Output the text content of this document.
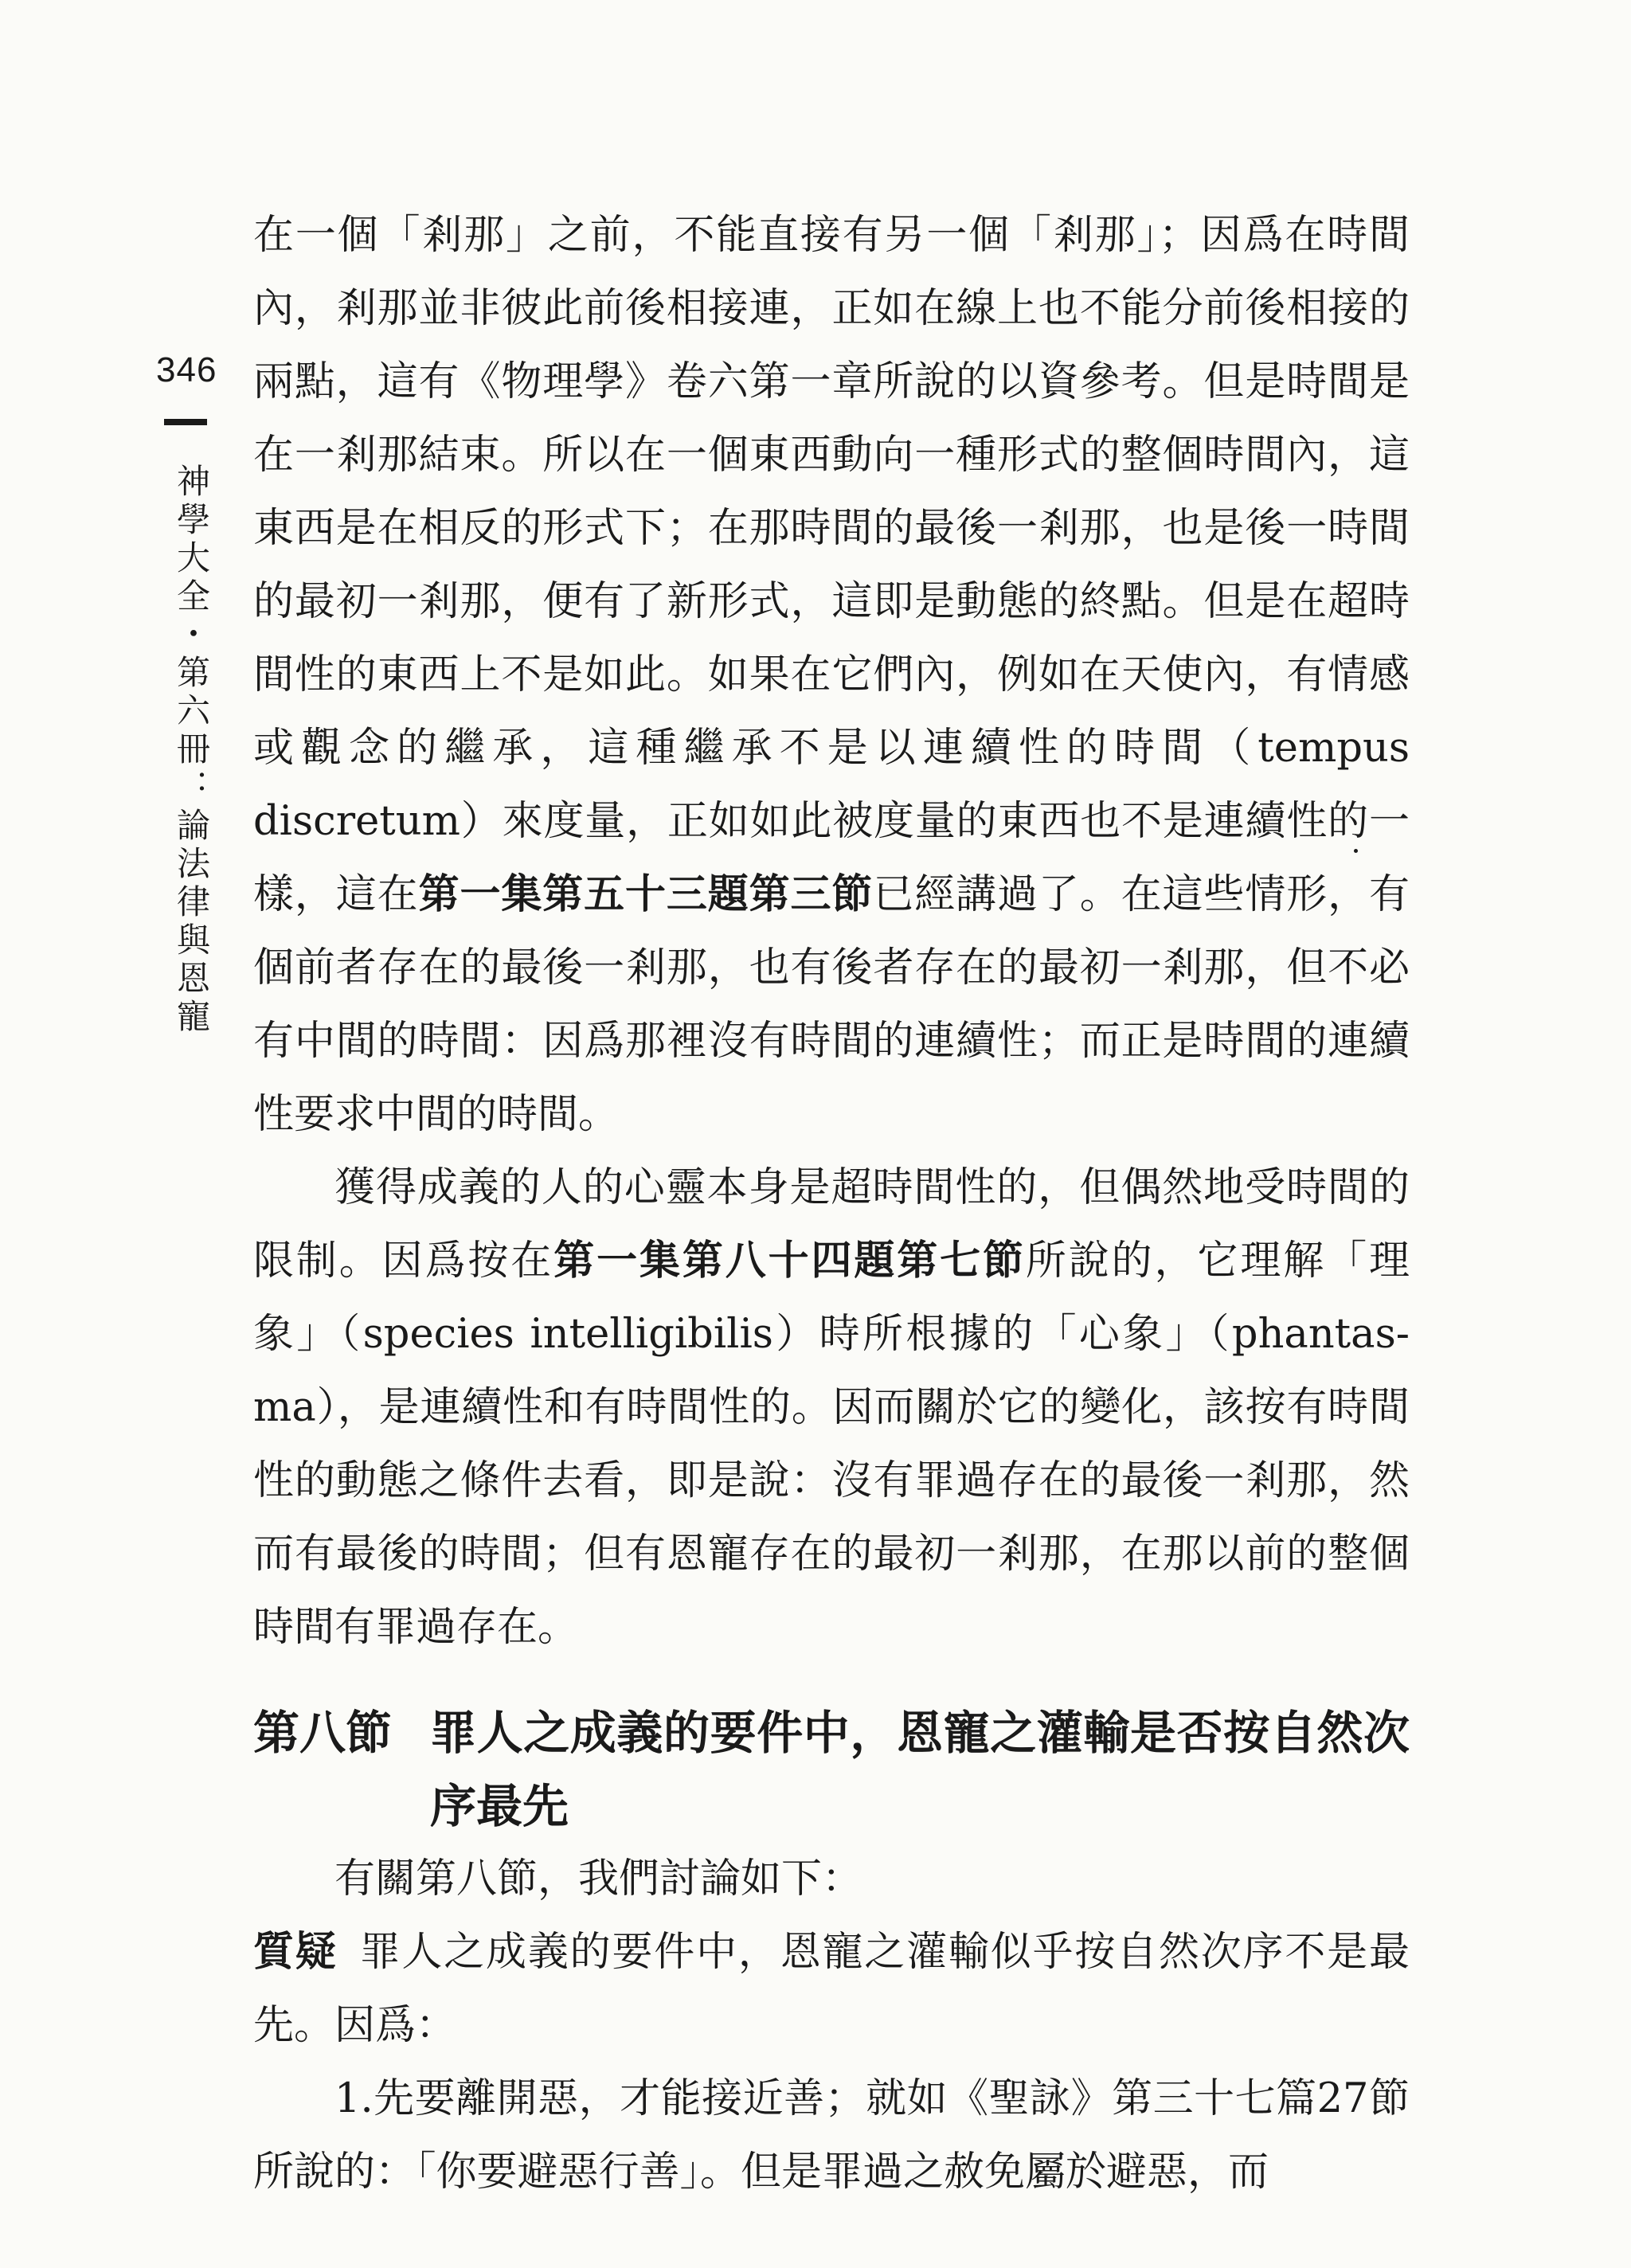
346
神學大全・第六冊：論法律與恩寵

在一個「剎那」之前，不能直接有另一個「剎那」；因爲在時間內，剎那並非彼此前後相接連，正如在線上也不能分前後相接的兩點，這有《物理學》卷六第一章所說的以資參考。但是時間是在一剎那結束。所以在一個東西動向一種形式的整個時間內，這東西是在相反的形式下；在那時間的最後一剎那，也是後一時間的最初一剎那，便有了新形式，這即是動態的終點。但是在超時間性的東西上不是如此。如果在它們內，例如在天使內，有情感或觀念的繼承，這種繼承不是以連續性的時間（tempus discretum）來度量，正如如此被度量的東西也不是連續性的一樣，這在第一集第五十三題第三節已經講過了。在這些情形，有個前者存在的最後一剎那，也有後者存在的最初一剎那，但不必有中間的時間：因爲那裡沒有時間的連續性；而正是時間的連續性要求中間的時間。

獲得成義的人的心靈本身是超時間性的，但偶然地受時間的限制。因爲按在第一集第八十四題第七節所說的，它理解「理象」（species intelligibilis）時所根據的「心象」（phantas-ma），是連續性和有時間性的。因而關於它的變化，該按有時間性的動態之條件去看，即是說：沒有罪過存在的最後一剎那，然而有最後的時間；但有恩寵存在的最初一剎那，在那以前的整個時間有罪過存在。

第八節 罪人之成義的要件中，恩寵之灌輸是否按自然次序最先

有關第八節，我們討論如下：

質疑 罪人之成義的要件中，恩寵之灌輸似乎按自然次序不是最先。因爲：

1.先要離開惡，才能接近善；就如《聖詠》第三十七篇27節所說的：「你要避惡行善」。但是罪過之赦免屬於避惡，而
